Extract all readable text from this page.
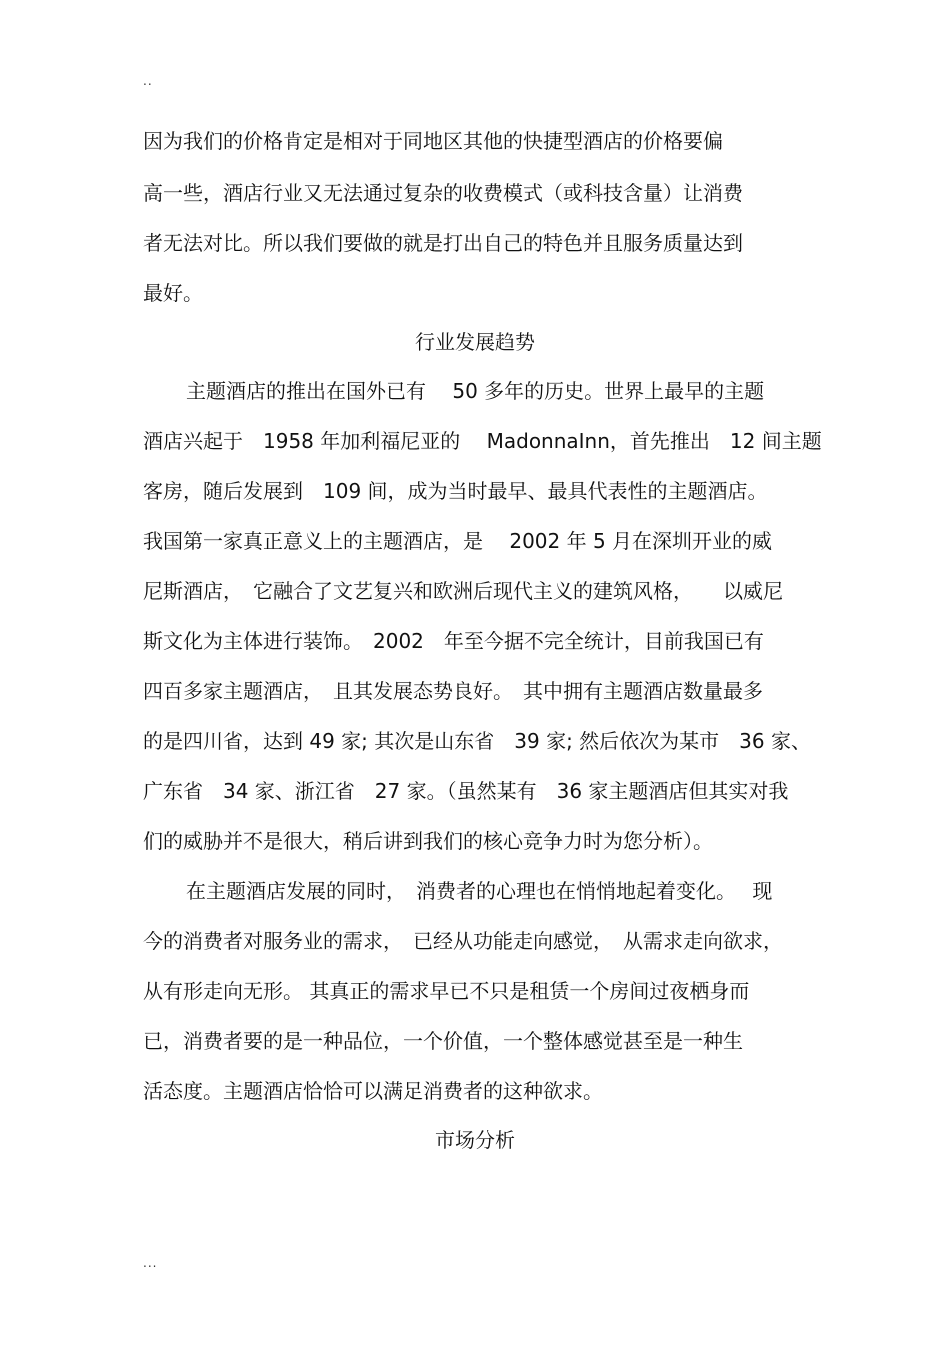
..
因为我们的价格肯定是相对于同地区其他的快捷型酒店的价格要偏
高一些，酒店行业又无法通过复杂的收费模式（或科技含量）让消费
者无法对比。所以我们要做的就是打出自己的特色并且服务质量达到
最好。
行业发展趋势
主题酒店的推出在国外已有　 50 多年的历史。世界上最早的主题
酒店兴起于　1958 年加利福尼亚的　 MadonnaInn，首先推出　12 间主题
客房，随后发展到　109 间，成为当时最早、最具代表性的主题酒店。
我国第一家真正意义上的主题酒店，是　 2002 年 5 月在深圳开业的威
尼斯酒店，　它融合了文艺复兴和欧洲后现代主义的建筑风格，　　以威尼
斯文化为主体进行装饰。　2002　年至今据不完全统计，目前我国已有
四百多家主题酒店，　且其发展态势良好。　其中拥有主题酒店数量最多
的是四川省，达到 49 家; 其次是山东省　39 家; 然后依次为某市　36 家、
广东省　34 家、浙江省　27 家。（虽然某有　36 家主题酒店但其实对我
们的威胁并不是很大，稍后讲到我们的核心竞争力时为您分析）。
在主题酒店发展的同时，　消费者的心理也在悄悄地起着变化。　 现
今的消费者对服务业的需求，　已经从功能走向感觉，　从需求走向欲求，
从有形走向无形。 其真正的需求早已不只是租赁一个房间过夜栖身而
已，消费者要的是一种品位，一个价值，一个整体感觉甚至是一种生
活态度。主题酒店恰恰可以满足消费者的这种欲求。
市场分析
...
